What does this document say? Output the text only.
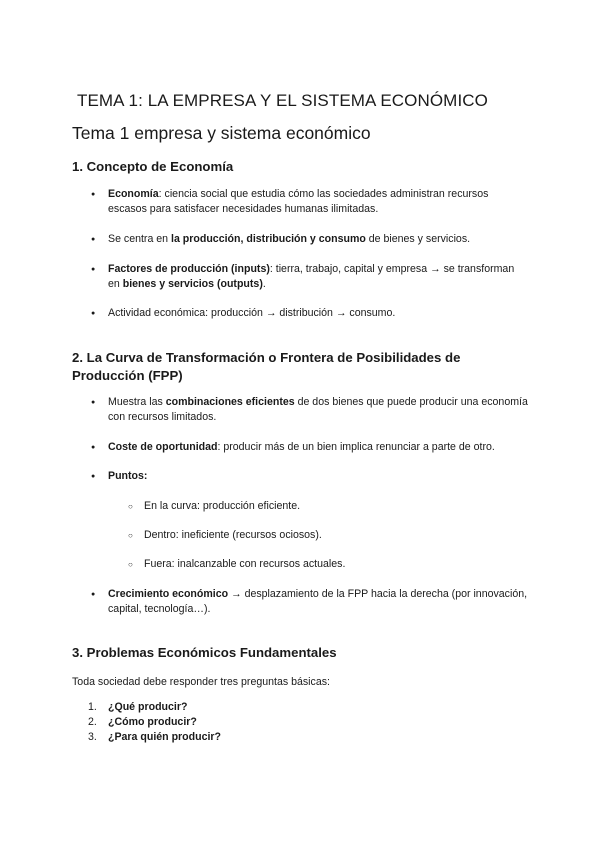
TEMA 1: LA EMPRESA Y EL SISTEMA ECONÓMICO
Tema 1 empresa y sistema económico
1. Concepto de Economía
● Economía: ciencia social que estudia cómo las sociedades administran recursos escasos para satisfacer necesidades humanas ilimitadas.
● Se centra en la producción, distribución y consumo de bienes y servicios.
● Factores de producción (inputs): tierra, trabajo, capital y empresa → se transforman en bienes y servicios (outputs).
● Actividad económica: producción → distribución → consumo.
2. La Curva de Transformación o Frontera de Posibilidades de Producción (FPP)
● Muestra las combinaciones eficientes de dos bienes que puede producir una economía con recursos limitados.
● Coste de oportunidad: producir más de un bien implica renunciar a parte de otro.
● Puntos:
○ En la curva: producción eficiente.
○ Dentro: ineficiente (recursos ociosos).
○ Fuera: inalcanzable con recursos actuales.
● Crecimiento económico → desplazamiento de la FPP hacia la derecha (por innovación, capital, tecnología…).
3. Problemas Económicos Fundamentales
Toda sociedad debe responder tres preguntas básicas:
1. ¿Qué producir?
2. ¿Cómo producir?
3. ¿Para quién producir?
